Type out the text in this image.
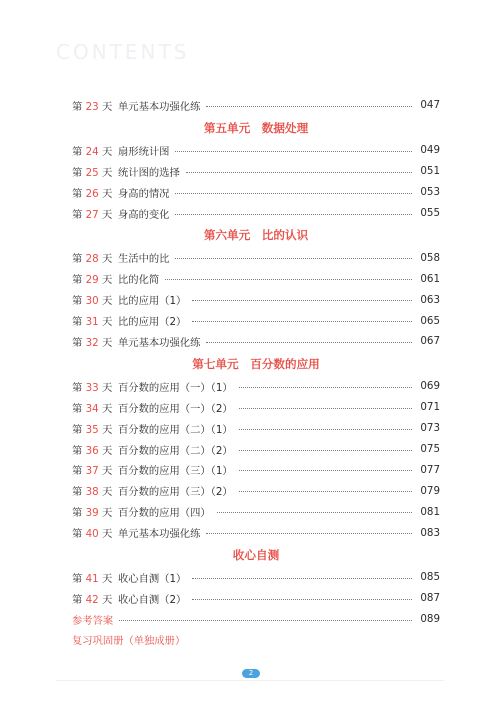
CONTENTS
第 23 天 单元基本功强化练	047
第五单元　数据处理
第 24 天 扇形统计图	049
第 25 天 统计图的选择	051
第 26 天 身高的情况	053
第 27 天 身高的变化	055
第六单元　比的认识
第 28 天 生活中的比	058
第 29 天 比的化简	061
第 30 天 比的应用（1）	063
第 31 天 比的应用（2）	065
第 32 天 单元基本功强化练	067
第七单元　百分数的应用
第 33 天 百分数的应用（一）（1）	069
第 34 天 百分数的应用（一）（2）	071
第 35 天 百分数的应用（二）（1）	073
第 36 天 百分数的应用（二）（2）	075
第 37 天 百分数的应用（三）（1）	077
第 38 天 百分数的应用（三）（2）	079
第 39 天 百分数的应用（四）	081
第 40 天 单元基本功强化练	083
收心自测
第 41 天 收心自测（1）	085
第 42 天 收心自测（2）	087
参考答案	089
复习巩固册（单独成册）
2
